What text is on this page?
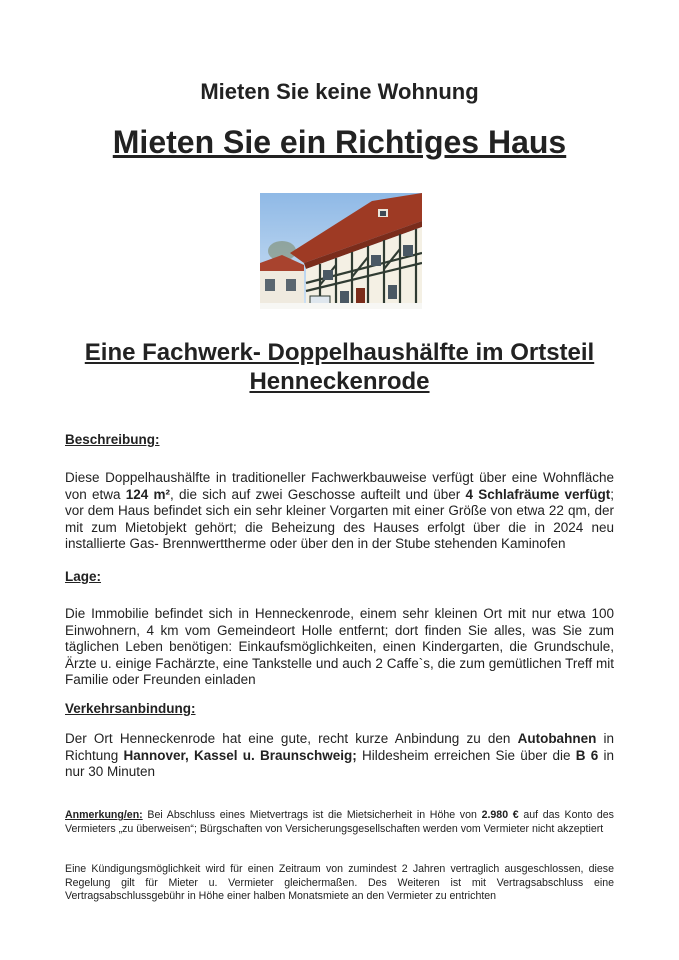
Mieten Sie keine Wohnung
Mieten Sie ein Richtiges Haus
Eine Fachwerk- Doppelhaushälfte im Ortsteil Henneckenrode
Beschreibung:
Diese Doppelhaushälfte in traditioneller Fachwerkbauweise verfügt über eine Wohnfläche von etwa 124 m², die sich auf zwei Geschosse aufteilt und über 4 Schlafräume verfügt; vor dem Haus befindet sich ein sehr kleiner Vorgarten mit einer Größe von etwa 22 qm, der mit zum Mietobjekt gehört; die Beheizung des Hauses erfolgt über die in 2024 neu installierte Gas- Brennwerttherme oder über den in der Stube stehenden Kaminofen
Lage:
Die Immobilie befindet sich in Henneckenrode, einem sehr kleinen Ort mit nur etwa 100 Einwohnern, 4 km vom Gemeindeort Holle entfernt; dort finden Sie alles, was Sie zum täglichen Leben benötigen: Einkaufsmöglichkeiten, einen Kindergarten, die Grundschule, Ärzte u. einige Fachärzte, eine Tankstelle und auch 2 Caffe`s, die zum gemütlichen Treff mit Familie oder Freunden einladen
Verkehrsanbindung:
Der Ort Henneckenrode hat eine gute, recht kurze Anbindung zu den Autobahnen in Richtung Hannover, Kassel u. Braunschweig; Hildesheim erreichen Sie über die B 6 in nur 30 Minuten
Anmerkung/en: Bei Abschluss eines Mietvertrags ist die Mietsicherheit in Höhe von 2.980 € auf das Konto des Vermieters „zu überweisen“; Bürgschaften von Versicherungsgesellschaften werden vom Vermieter nicht akzeptiert
Eine Kündigungsmöglichkeit wird für einen Zeitraum von zumindest 2 Jahren vertraglich ausgeschlossen, diese Regelung gilt für Mieter u. Vermieter gleichermaßen. Des Weiteren ist mit Vertragsabschluss eine Vertragsabschlussgebühr in Höhe einer halben Monatsmiete an den Vermieter zu entrichten
